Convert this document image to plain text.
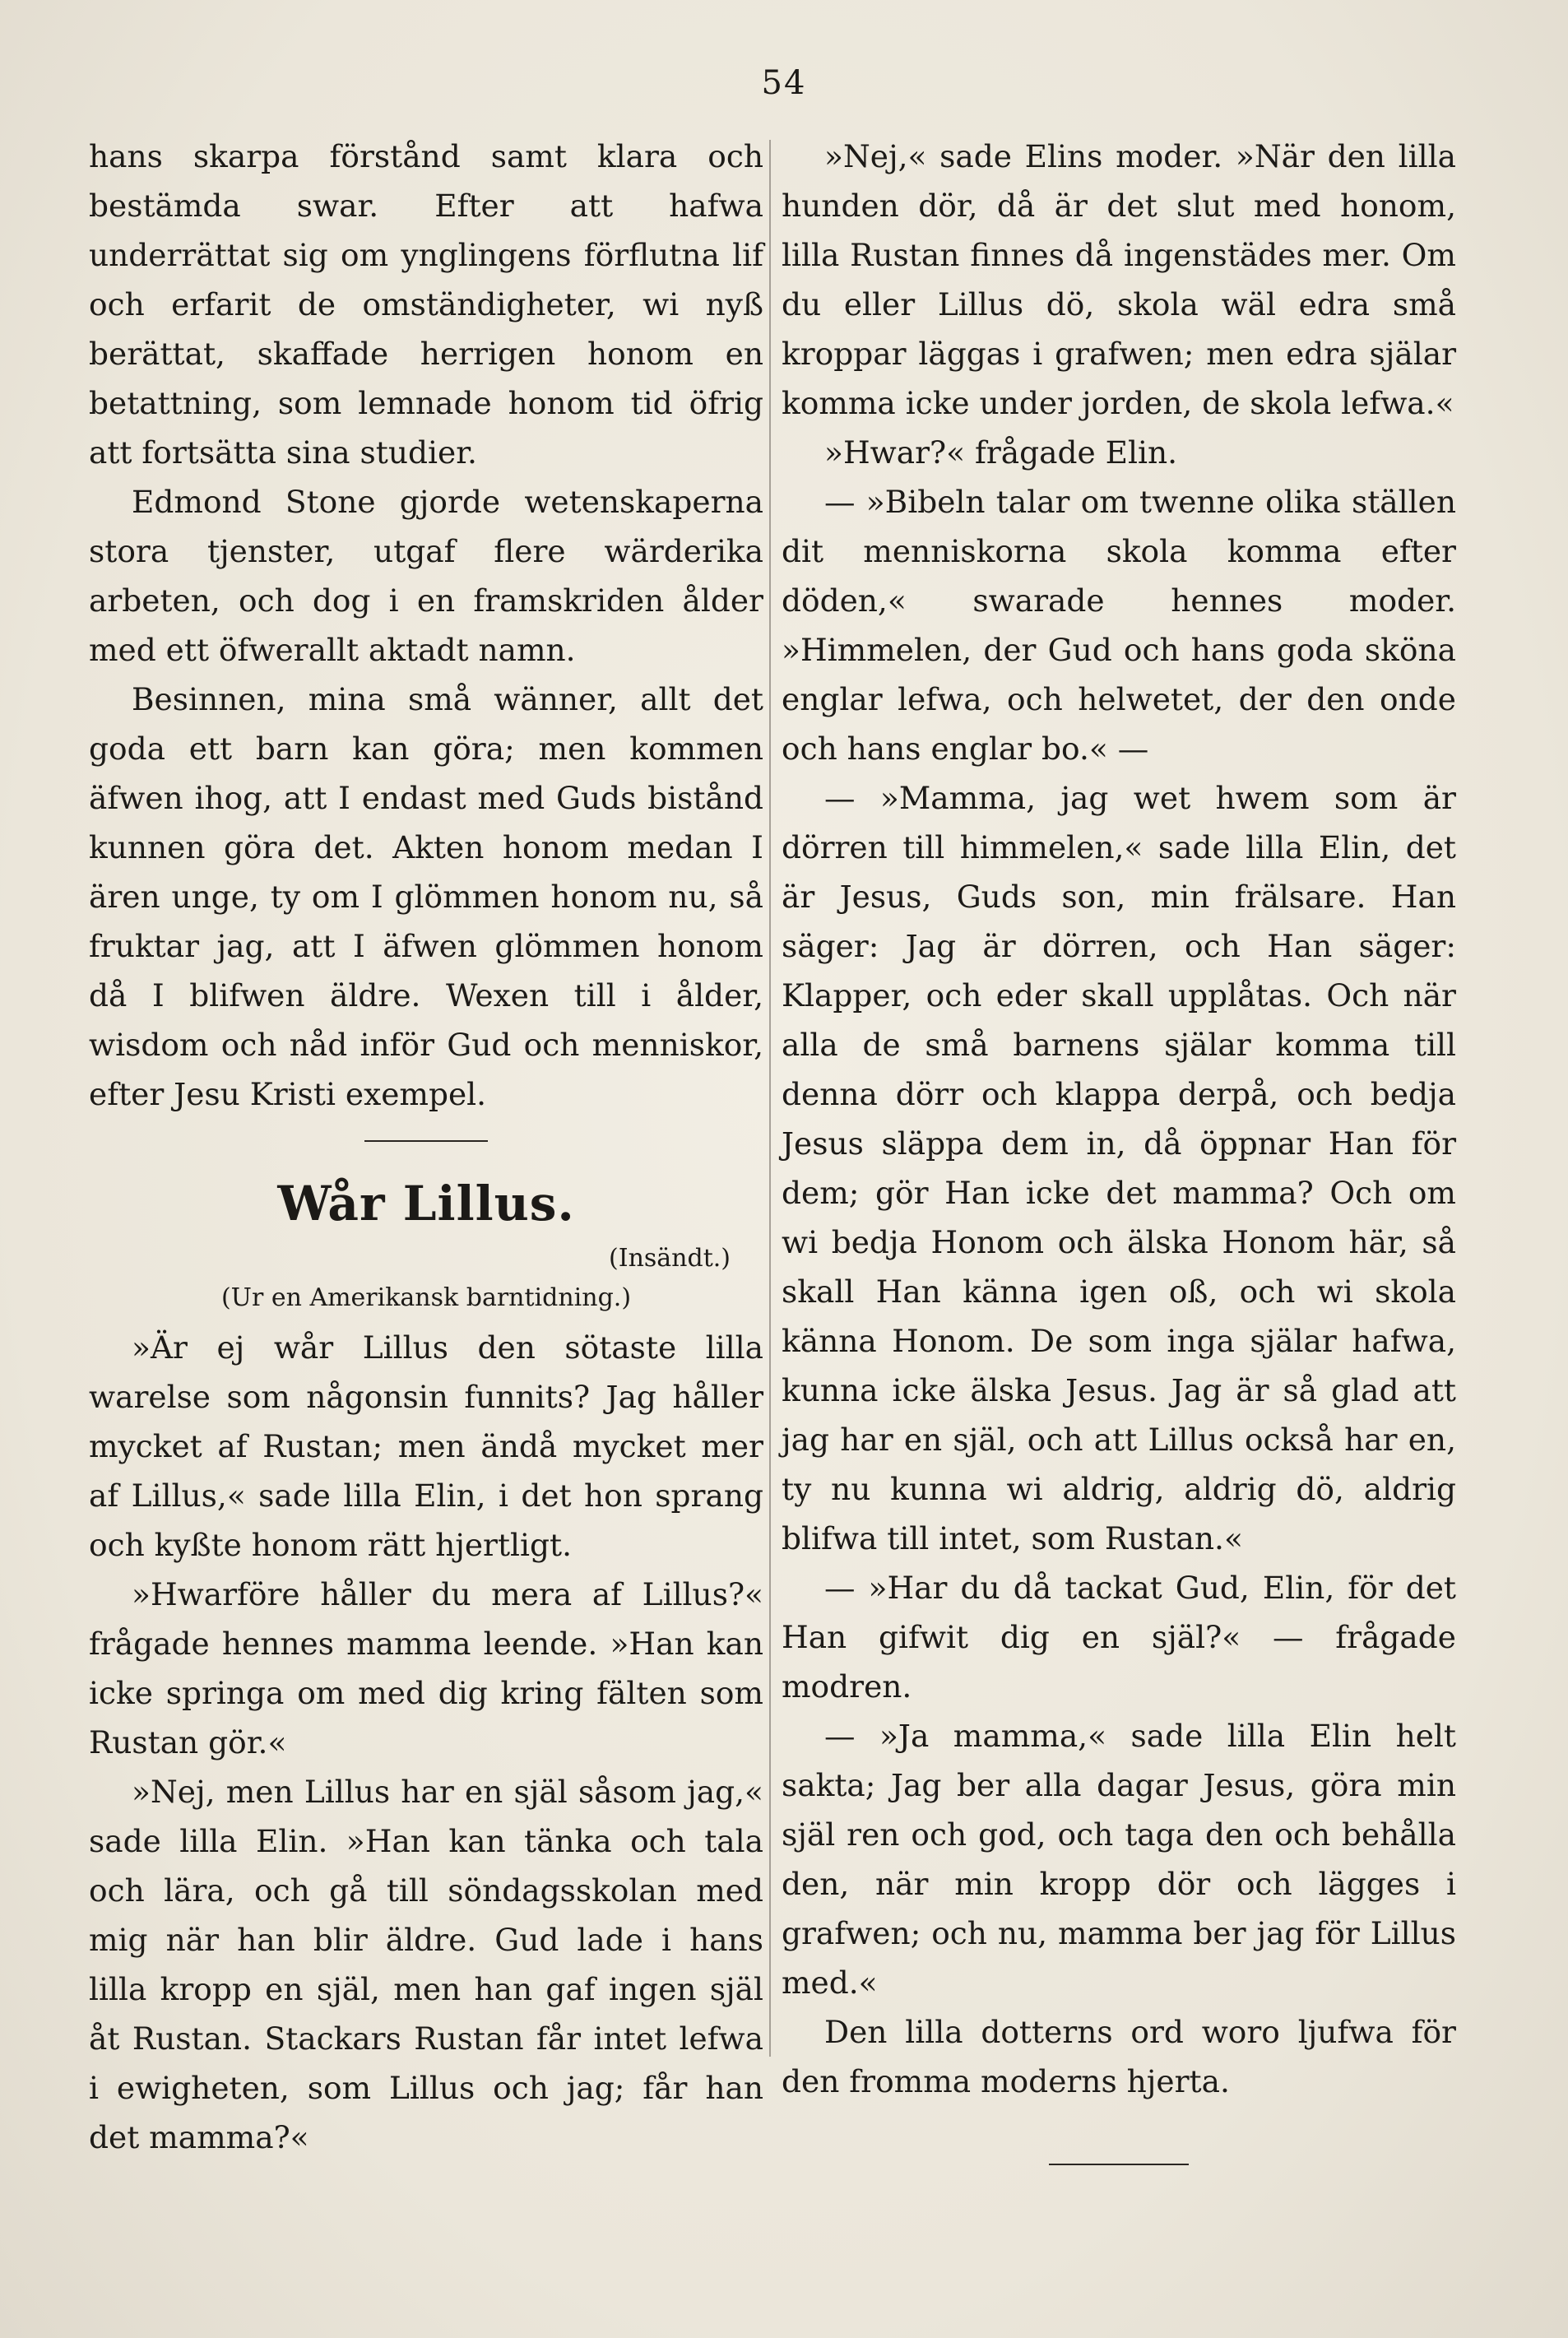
54

hans skarpa förstånd samt klara och bestämda swar. Efter att hafwa underrättat sig om ynglingens förflutna lif och erfarit de omständigheter, wi nyß berättat, skaffade herrigen honom en betattning, som lemnade honom tid öfrig att fortsätta sina studier.

Edmond Stone gjorde wetenskaperna stora tjenster, utgaf flere wärderika arbeten, och dog i en framskriden ålder med ett öfwerallt aktadt namn.

Besinnen, mina små wänner, allt det goda ett barn kan göra; men kommen äfwen ihog, att I endast med Guds bistånd kunnen göra det. Akten honom medan I ären unge, ty om I glömmen honom nu, så fruktar jag, att I äfwen glömmen honom då I blifwen äldre. Wexen till i ålder, wisdom och nåd inför Gud och menniskor, efter Jesu Kristi exempel.

Wår Lillus.
(Insändt.)
(Ur en Amerikansk barntidning.)

»Är ej wår Lillus den sötaste lilla warelse som någonsin funnits? Jag håller mycket af Rustan; men ändå mycket mer af Lillus,« sade lilla Elin, i det hon sprang och kyßte honom rätt hjertligt.

»Hwarföre håller du mera af Lillus?« frågade hennes mamma leende. »Han kan icke springa om med dig kring fälten som Rustan gör.«

»Nej, men Lillus har en själ såsom jag,« sade lilla Elin. »Han kan tänka och tala och lära, och gå till söndagsskolan med mig när han blir äldre. Gud lade i hans lilla kropp en själ, men han gaf ingen själ åt Rustan. Stackars Rustan får intet lefwa i ewigheten, som Lillus och jag; får han det mamma?«

»Nej,« sade Elins moder. »När den lilla hunden dör, då är det slut med honom, lilla Rustan finnes då ingenstädes mer. Om du eller Lillus dö, skola wäl edra små kroppar läggas i grafwen; men edra själar komma icke under jorden, de skola lefwa.«

»Hwar?« frågade Elin.

— »Bibeln talar om twenne olika ställen dit menniskorna skola komma efter döden,« swarade hennes moder. »Himmelen, der Gud och hans goda sköna englar lefwa, och helwetet, der den onde och hans englar bo.« —

— »Mamma, jag wet hwem som är dörren till himmelen,« sade lilla Elin, det är Jesus, Guds son, min frälsare. Han säger: Jag är dörren, och Han säger: Klapper, och eder skall upplåtas. Och när alla de små barnens själar komma till denna dörr och klappa derpå, och bedja Jesus släppa dem in, då öppnar Han för dem; gör Han icke det mamma? Och om wi bedja Honom och älska Honom här, så skall Han känna igen oß, och wi skola känna Honom. De som inga själar hafwa, kunna icke älska Jesus. Jag är så glad att jag har en själ, och att Lillus också har en, ty nu kunna wi aldrig, aldrig dö, aldrig blifwa till intet, som Rustan.«

— »Har du då tackat Gud, Elin, för det Han gifwit dig en själ?« — frågade modren.

— »Ja mamma,« sade lilla Elin helt sakta; Jag ber alla dagar Jesus, göra min själ ren och god, och taga den och behålla den, när min kropp dör och lägges i grafwen; och nu, mamma ber jag för Lillus med.«

Den lilla dotterns ord woro ljufwa för den fromma moderns hjerta.
